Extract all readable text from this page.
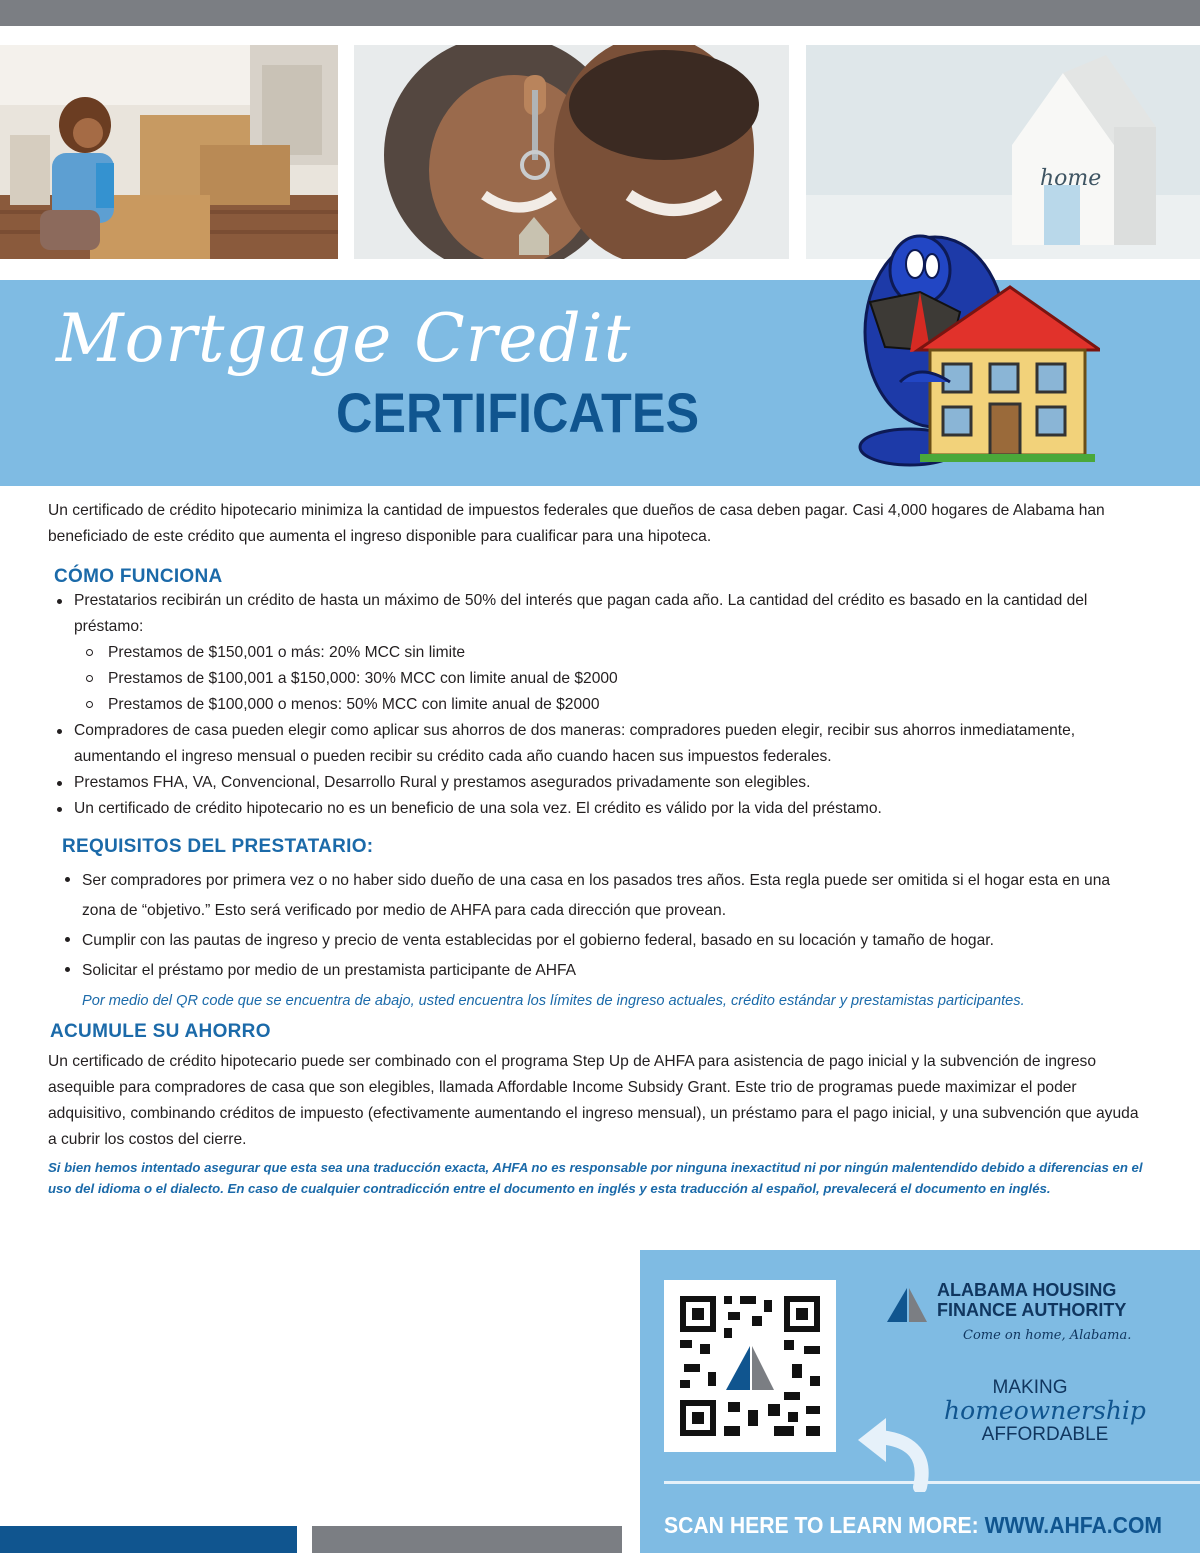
home
Mortgage Credit
CERTIFICATES

Un certificado de crédito hipotecario minimiza la cantidad de impuestos federales que dueños de casa deben pagar. Casi 4,000 hogares de Alabama han beneficiado de este crédito que aumenta el ingreso disponible para cualificar para una hipoteca.

CÓMO FUNCIONA
Prestatarios recibirán un crédito de hasta un máximo de 50% del interés que pagan cada año. La cantidad del crédito es basado en la cantidad del préstamo:
Prestamos de $150,001 o más: 20% MCC sin limite
Prestamos de $100,001 a $150,000: 30% MCC con limite anual de $2000
Prestamos de $100,000 o menos: 50% MCC con limite anual de $2000
Compradores de casa pueden elegir como aplicar sus ahorros de dos maneras: compradores pueden elegir, recibir sus ahorros inmediatamente, aumentando el ingreso mensual o pueden recibir su crédito cada año cuando hacen sus impuestos federales.
Prestamos FHA, VA, Convencional, Desarrollo Rural y prestamos asegurados privadamente son elegibles.
Un certificado de crédito hipotecario no es un beneficio de una sola vez. El crédito es válido por la vida del préstamo.
REQUISITOS DEL PRESTATARIO:
Ser compradores por primera vez o no haber sido dueño de una casa en los pasados tres años. Esta regla puede ser omitida si el hogar esta en una zona de “objetivo.” Esto será verificado por medio de AHFA para cada dirección que provean.
Cumplir con las pautas de ingreso y precio de venta establecidas por el gobierno federal, basado en su locación y tamaño de hogar.
Solicitar el préstamo por medio de un prestamista participante de AHFA
Por medio del QR code que se encuentra de abajo, usted encuentra los límites de ingreso actuales, crédito estándar y prestamistas participantes.
ACUMULE SU AHORRO

Un certificado de crédito hipotecario puede ser combinado con el programa Step Up de AHFA para asistencia de pago inicial y la subvención de ingreso asequible para compradores de casa que son elegibles, llamada Affordable Income Subsidy Grant. Este trio de programas puede maximizar el poder adquisitivo, combinando créditos de impuesto (efectivamente aumentando el ingreso mensual), un préstamo para el pago inicial, y una subvención que ayuda a cubrir los costos del cierre.

Si bien hemos intentado asegurar que esta sea una traducción exacta, AHFA no es responsable por ninguna inexactitud ni por ningún malentendido debido a diferencias en el uso del idioma o el dialecto. En caso de cualquier contradicción entre el documento en inglés y esta traducción al español, prevalecerá el documento en inglés.
ALABAMA HOUSING
FINANCE AUTHORITY
Come on home, Alabama.
MAKING
homeownership
AFFORDABLE
SCAN HERE TO LEARN MORE: WWW.AHFA.COM
